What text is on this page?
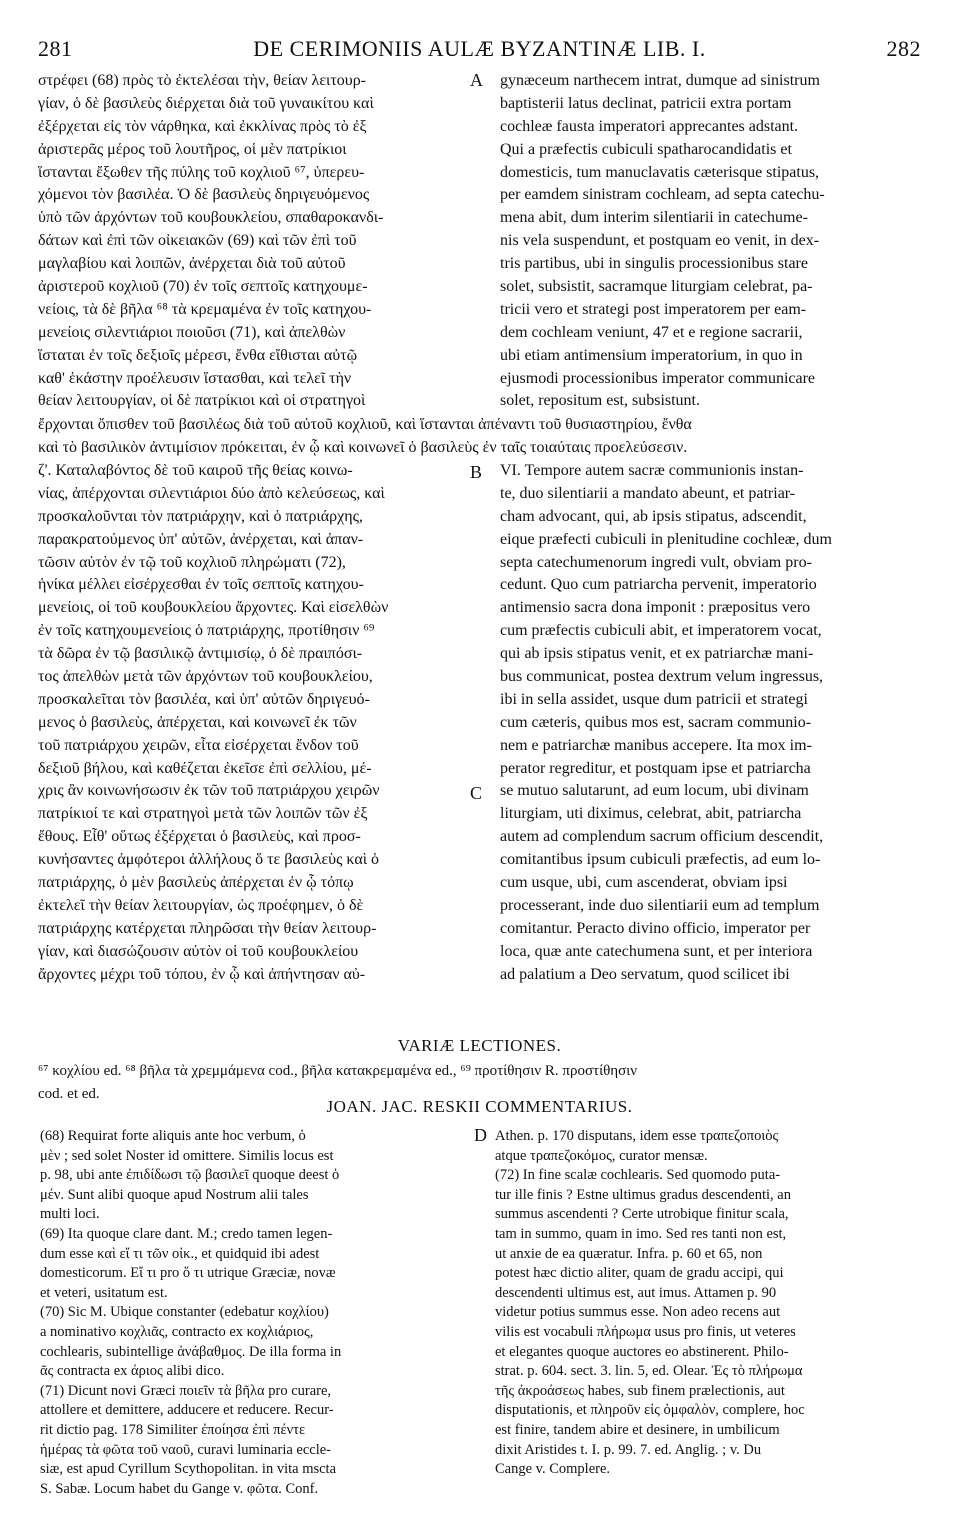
281	DE CERIMONIIS AULÆ BYZANTINÆ LIB. I.	282
στρέφει (68) πρὸς τὸ ἐκτελέσαι τὴν, θείαν λειτουρ-
γίαν, ὁ δὲ βασιλεὺς διέρχεται διὰ τοῦ γυναικίτου καὶ
ἐξέρχεται εἰς τὸν νάρθηκα, καὶ ἐκκλίνας πρὸς τὸ ἐξ
ἀριστερᾶς μέρος τοῦ λουτῆρος, οἱ μὲν πατρίκιοι
ἵστανται ἔξωθεν τῆς πύλης τοῦ κοχλιοῦ ⁶⁷, ὑπερευ-
χόμενοι τὸν βασιλέα. Ὁ δὲ βασιλεὺς δηριγευόμενος
ὑπὸ τῶν ἀρχόντων τοῦ κουβουκλείου, σπαθαροκανδι-
δάτων καὶ ἐπὶ τῶν οἰκειακῶν (69) καὶ τῶν ἐπὶ τοῦ
μαγλαβίου καὶ λοιπῶν, ἀνέρχεται διὰ τοῦ αὐτοῦ
ἀριστεροῦ κοχλιοῦ (70) ἐν τοῖς σεπτοῖς κατηχουμε-
νείοις, τὰ δὲ βῆλα ⁶⁸ τὰ κρεμαμένα ἐν τοῖς κατηχου-
μενείοις σιλεντιάριοι ποιοῦσι (71), καὶ ἀπελθὼν
ἵσταται ἐν τοῖς δεξιοῖς μέρεσι, ἔνθα εἴθισται αὐτῷ
καθ' ἑκάστην προέλευσιν ἵστασθαι, καὶ τελεῖ τὴν
θείαν λειτουργίαν, οἱ δὲ πατρίκιοι καὶ οἱ στρατηγοὶ
A gynæceum narthecem intrat, dumque ad sinistrum
baptisterii latus declinat, patricii extra portam
cochleæ fausta imperatori apprecantes adstant.
Qui a præfectis cubiculi spatharocandidatis et
domesticis, tum manuclavatis cæterisque stipatus,
per eamdem sinistram cochleam, ad septa catechu-
mena abit, dum interim silentiarii in catechume-
nis vela suspendunt, et postquam eo venit, in dex-
tris partibus, ubi in singulis processionibus stare
solet, subsistit, sacramque liturgiam celebrat, pa-
tricii vero et strategi post imperatorem per eam-
dem cochleam veniunt, 47 et e regione sacrarii,
ubi etiam antimensium imperatorium, in quo in
ejusmodi processionibus imperator communicare
solet, repositum est, subsistunt.
ἔρχονται ὄπισθεν τοῦ βασιλέως διὰ τοῦ αὐτοῦ κοχλιοῦ, καὶ ἵστανται ἀπέναντι τοῦ θυσιαστηρίου, ἔνθα
καὶ τὸ βασιλικὸν ἀντιμίσιον πρόκειται, ἐν ᾧ καὶ κοινωνεῖ ὁ βασιλεὺς ἐν ταῖς τοιαύταις προελεύσεσιν.
ζ'. Καταλαβόντος δὲ τοῦ καιροῦ τῆς θείας κοινω-
νίας, ἀπέρχονται σιλεντιάριοι δύο ἀπὸ κελεύσεως, καὶ
προσκαλοῦνται τὸν πατριάρχην, καὶ ὁ πατριάρχης,
παρακρατούμενος ὑπ' αὐτῶν, ἀνέρχεται, καὶ ἀπαν-
τῶσιν αὐτὸν ἐν τῷ τοῦ κοχλιοῦ πληρώματι (72),
ἡνίκα μέλλει εἰσέρχεσθαι ἐν τοῖς σεπτοῖς κατηχου-
μενείοις, οἱ τοῦ κουβουκλείου ἄρχοντες. Καὶ εἰσελθὼν
ἐν τοῖς κατηχουμενείοις ὁ πατριάρχης, προτίθησιν ⁶⁹
τὰ δῶρα ἐν τῷ βασιλικῷ ἀντιμισίῳ, ὁ δὲ πραιπόσι-
τος ἀπελθὼν μετὰ τῶν ἀρχόντων τοῦ κουβουκλείου,
προσκαλεῖται τὸν βασιλέα, καὶ ὑπ' αὐτῶν δηριγευό-
μενος ὁ βασιλεὺς, ἀπέρχεται, καὶ κοινωνεῖ ἐκ τῶν
τοῦ πατριάρχου χειρῶν, εἶτα εἰσέρχεται ἔνδον τοῦ
δεξιοῦ βήλου, καὶ καθέζεται ἐκεῖσε ἐπὶ σελλίου, μέ-
χρις ἂν κοινωνήσωσιν ἐκ τῶν τοῦ πατριάρχου χειρῶν
πατρίκιοί τε καὶ στρατηγοὶ μετὰ τῶν λοιπῶν τῶν ἐξ
ἔθους. Εἶθ' οὕτως ἐξέρχεται ὁ βασιλεὺς, καὶ προσ-
κυνήσαντες ἀμφότεροι ἀλλήλους ὅ τε βασιλεὺς καὶ ὁ
πατριάρχης, ὁ μὲν βασιλεὺς ἀπέρχεται ἐν ᾧ τόπῳ
ἐκτελεῖ τὴν θείαν λειτουργίαν, ὡς προέφημεν, ὁ δὲ
πατριάρχης κατέρχεται πληρῶσαι τὴν θείαν λειτουρ-
γίαν, καὶ διασώζουσιν αὐτὸν οἱ τοῦ κουβουκλείου
ἄρχοντες μέχρι τοῦ τόπου, ἐν ᾧ καὶ ἀπήντησαν αὐ-
B
C
VI. Tempore autem sacræ communionis instan-
te, duo silentiarii a mandato abeunt, et patriar-
cham advocant, qui, ab ipsis stipatus, adscendit,
eique præfecti cubiculi in plenitudine cochleæ, dum
septa catechumenorum ingredi vult, obviam pro-
cedunt. Quo cum patriarcha pervenit, imperatorio
antimensio sacra dona imponit : præpositus vero
cum præfectis cubiculi abit, et imperatorem vocat,
qui ab ipsis stipatus venit, et ex patriarchæ mani-
bus communicat, postea dextrum velum ingressus,
ibi in sella assidet, usque dum patricii et strategi
cum cæteris, quibus mos est, sacram communio-
nem e patriarchæ manibus accepere. Ita mox im-
perator regreditur, et postquam ipse et patriarcha
se mutuo salutarunt, ad eum locum, ubi divinam
liturgiam, uti diximus, celebrat, abit, patriarcha
autem ad complendum sacrum officium descendit,
comitantibus ipsum cubiculi præfectis, ad eum lo-
cum usque, ubi, cum ascenderat, obviam ipsi
processerant, inde duo silentiarii eum ad templum
comitantur. Peracto divino officio, imperator per
loca, quæ ante catechumena sunt, et per interiora
ad palatium a Deo servatum, quod scilicet ibi
VARIÆ LECTIONES.
⁶⁷ κοχλίου ed. ⁶⁸ βῆλα τὰ χρεμμάμενα cod., βῆλα κατακρεμαμένα ed., ⁶⁹ προτίθησιν R. προστίθησιν
cod. et ed.
JOAN. JAC. RESKII COMMENTARIUS.
(68) Requirat forte aliquis ante hoc verbum, ὁ
μὲν ; sed solet Noster id omittere. Similis locus est
p. 98, ubi ante ἐπιδίδωσι τῷ βασιλεῖ quoque deest ὁ
μέν. Sunt alibi quoque apud Nostrum alii tales
multi loci.
(69) Ita quoque clare dant. M.; credo tamen legen-
dum esse καὶ εἴ τι τῶν οἰκ., et quidquid ibi adest
domesticorum. Εἴ τι pro ὅ τι utrique Græciæ, novæ
et veteri, usitatum est.
(70) Sic M. Ubique constanter (edebatur κοχλίου)
a nominativo κοχλιᾶς, contracto ex κοχλιάριος,
cochlearis, subintellige ἀνάβαθμος. De illa forma in
ᾶς contracta ex άριος alibi dico.
(71) Dicunt novi Græci ποιεῖν τὰ βῆλα pro curare,
attollere et demittere, adducere et reducere. Recur-
rit dictio pag. 178 Similiter ἐποίησα ἐπὶ πέντε
ἡμέρας τὰ φῶτα τοῦ ναοῦ, curavi luminaria eccle-
siæ, est apud Cyrillum Scythopolitan. in vita mscta
S. Sabæ. Locum habet du Gange v. φῶτα. Conf.
D Athen. p. 170 disputans, idem esse τραπεζοποιὸς
atque τραπεζοκόμος, curator mensæ.
(72) In fine scalæ cochlearis. Sed quomodo puta-
tur ille finis ? Estne ultimus gradus descendenti, an
summus ascendenti ? Certe utrobique finitur scala,
tam in summo, quam in imo. Sed res tanti non est,
ut anxie de ea quæratur. Infra. p. 60 et 65, non
potest hæc dictio aliter, quam de gradu accipi, qui
descendenti ultimus est, aut imus. Attamen p. 90
videtur potius summus esse. Non adeo recens aut
vilis est vocabuli πλήρωμα usus pro finis, ut veteres
et elegantes quoque auctores eo abstinerent. Philo-
strat. p. 604. sect. 3. lin. 5, ed. Olear. Ἐς τὸ πλήρωμα
τῆς ἀκροάσεως habes, sub finem prælectionis, aut
disputationis, et πληροῦν εἰς ὀμφαλὸν, complere, hoc
est finire, tandem abire et desinere, in umbilicum
dixit Aristides t. I. p. 99. 7. ed. Anglig. ; v. Du
Cange v. Complere.
